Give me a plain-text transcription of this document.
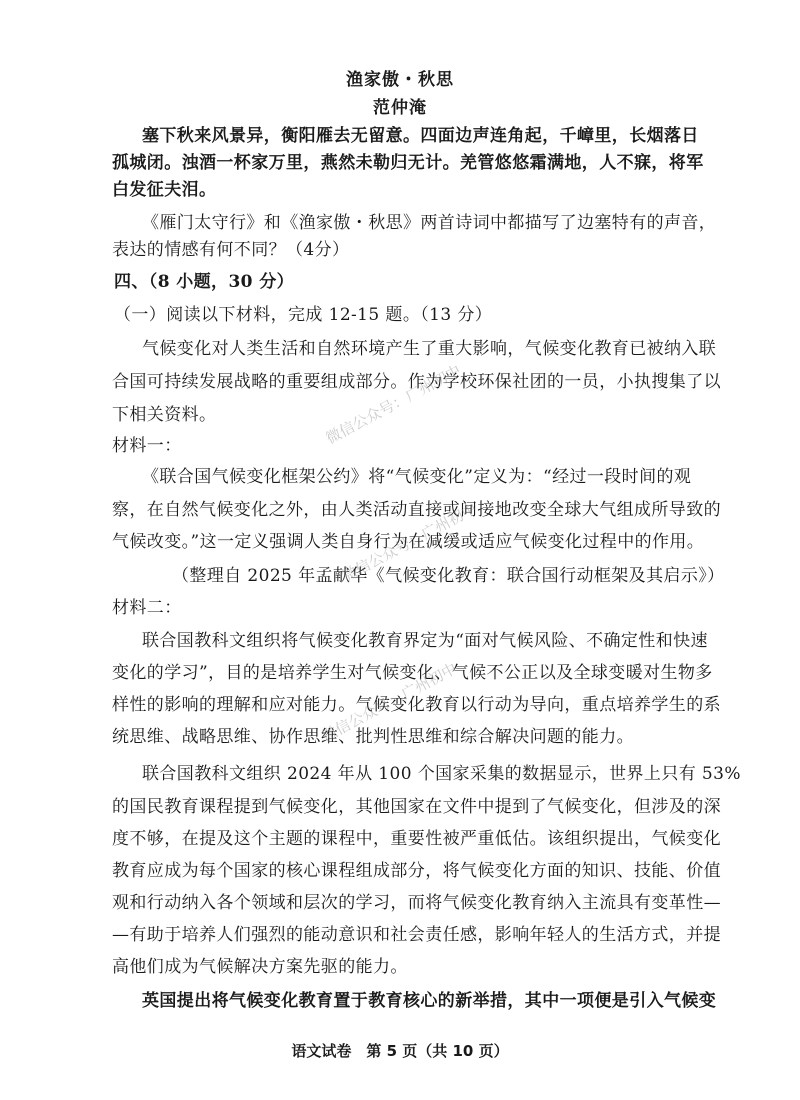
渔家傲・秋思
范仲淹
塞下秋来风景异，衡阳雁去无留意。四面边声连角起，千嶂里，长烟落日
孤城闭。浊酒一杯家万里，燕然未勒归无计。羌管悠悠霜满地，人不寐，将军
白发征夫泪。
《雁门太守行》和《渔家傲・秋思》两首诗词中都描写了边塞特有的声音，
表达的情感有何不同？（4分）
四、（8 小题，30 分）
（一）阅读以下材料，完成 12-15 题。（13 分）
气候变化对人类生活和自然环境产生了重大影响，气候变化教育已被纳入联
合国可持续发展战略的重要组成部分。作为学校环保社团的一员，小执搜集了以
下相关资料。
材料一：
《联合国气候变化框架公约》将“气候变化”定义为：“经过一段时间的观
察，在自然气候变化之外，由人类活动直接或间接地改变全球大气组成所导致的
气候改变。”这一定义强调人类自身行为在减缓或适应气候变化过程中的作用。
（整理自 2025 年孟献华《气候变化教育：联合国行动框架及其启示》）
材料二：
联合国教科文组织将气候变化教育界定为“面对气候风险、不确定性和快速
变化的学习”，目的是培养学生对气候变化、气候不公正以及全球变暖对生物多
样性的影响的理解和应对能力。气候变化教育以行动为导向，重点培养学生的系
统思维、战略思维、协作思维、批判性思维和综合解决问题的能力。
联合国教科文组织 2024 年从 100 个国家采集的数据显示，世界上只有 53%
的国民教育课程提到气候变化，其他国家在文件中提到了气候变化，但涉及的深
度不够，在提及这个主题的课程中，重要性被严重低估。该组织提出，气候变化
教育应成为每个国家的核心课程组成部分，将气候变化方面的知识、技能、价值
观和行动纳入各个领域和层次的学习，而将气候变化教育纳入主流具有变革性—
—有助于培养人们强烈的能动意识和社会责任感，影响年轻人的生活方式，并提
高他们成为气候解决方案先驱的能力。
英国提出将气候变化教育置于教育核心的新举措，其中一项便是引入气候变
语文试卷　第 5 页（共 10 页）
微信公众号：广州初中
微信公众号：广州初中
微信公众号：广州初中
